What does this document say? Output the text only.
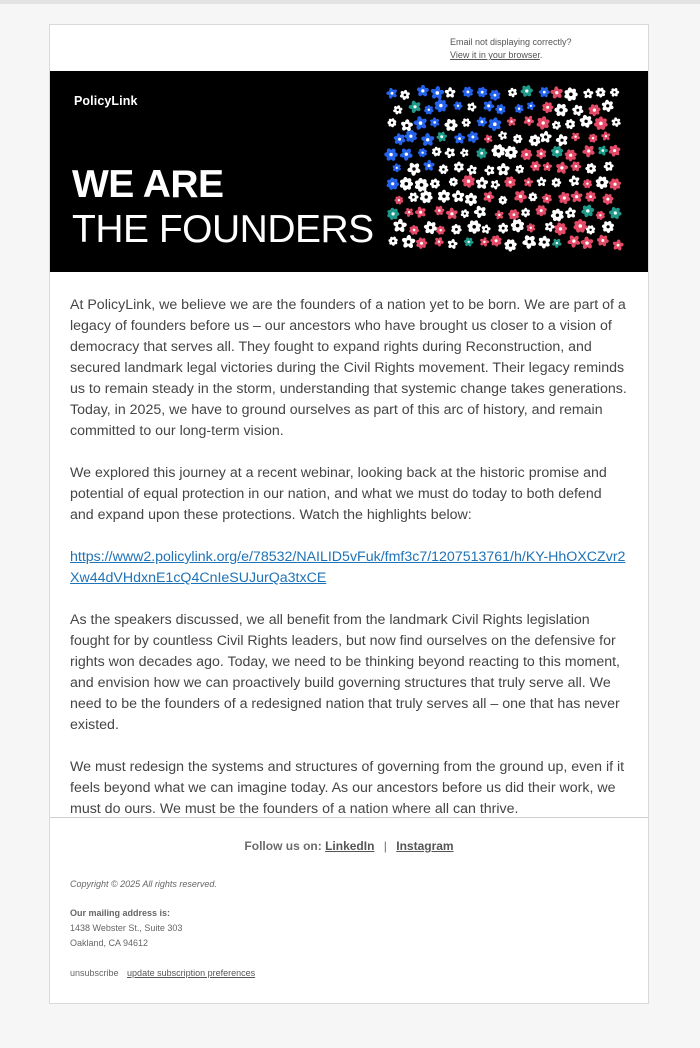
Email not displaying correctly?
View it in your browser.
PolicyLink
WE ARE
THE FOUNDERS

At PolicyLink, we believe we are the founders of a nation yet to be born. We are part of a legacy of founders before us – our ancestors who have brought us closer to a vision of democracy that serves all. They fought to expand rights during Reconstruction, and secured landmark legal victories during the Civil Rights movement. Their legacy reminds us to remain steady in the storm, understanding that systemic change takes generations. Today, in 2025, we have to ground ourselves as part of this arc of history, and remain committed to our long-term vision.

We explored this journey at a recent webinar, looking back at the historic promise and potential of equal protection in our nation, and what we must do today to both defend and expand upon these protections. Watch the highlights below:

https://www2.policylink.org/e/78532/NAILID5vFuk/fmf3c7/1207513761/h/KY-HhOXCZvr2Xw44dVHdxnE1cQ4CnIeSUJurQa3txCE

As the speakers discussed, we all benefit from the landmark Civil Rights legislation fought for by countless Civil Rights leaders, but now find ourselves on the defensive for rights won decades ago. Today, we need to be thinking beyond reacting to this moment, and envision how we can proactively build governing structures that truly serve all. We need to be the founders of a redesigned nation that truly serves all – one that has never existed.

We must redesign the systems and structures of governing from the ground up, even if it feels beyond what we can imagine today. As our ancestors before us did their work, we must do ours. We must be the founders of a nation where all can thrive.

Follow us on: LinkedIn | Instagram
Copyright © 2025 All rights reserved.
Our mailing address is:
1438 Webster St., Suite 303
Oakland, CA 94612
unsubscribe update subscription preferences
